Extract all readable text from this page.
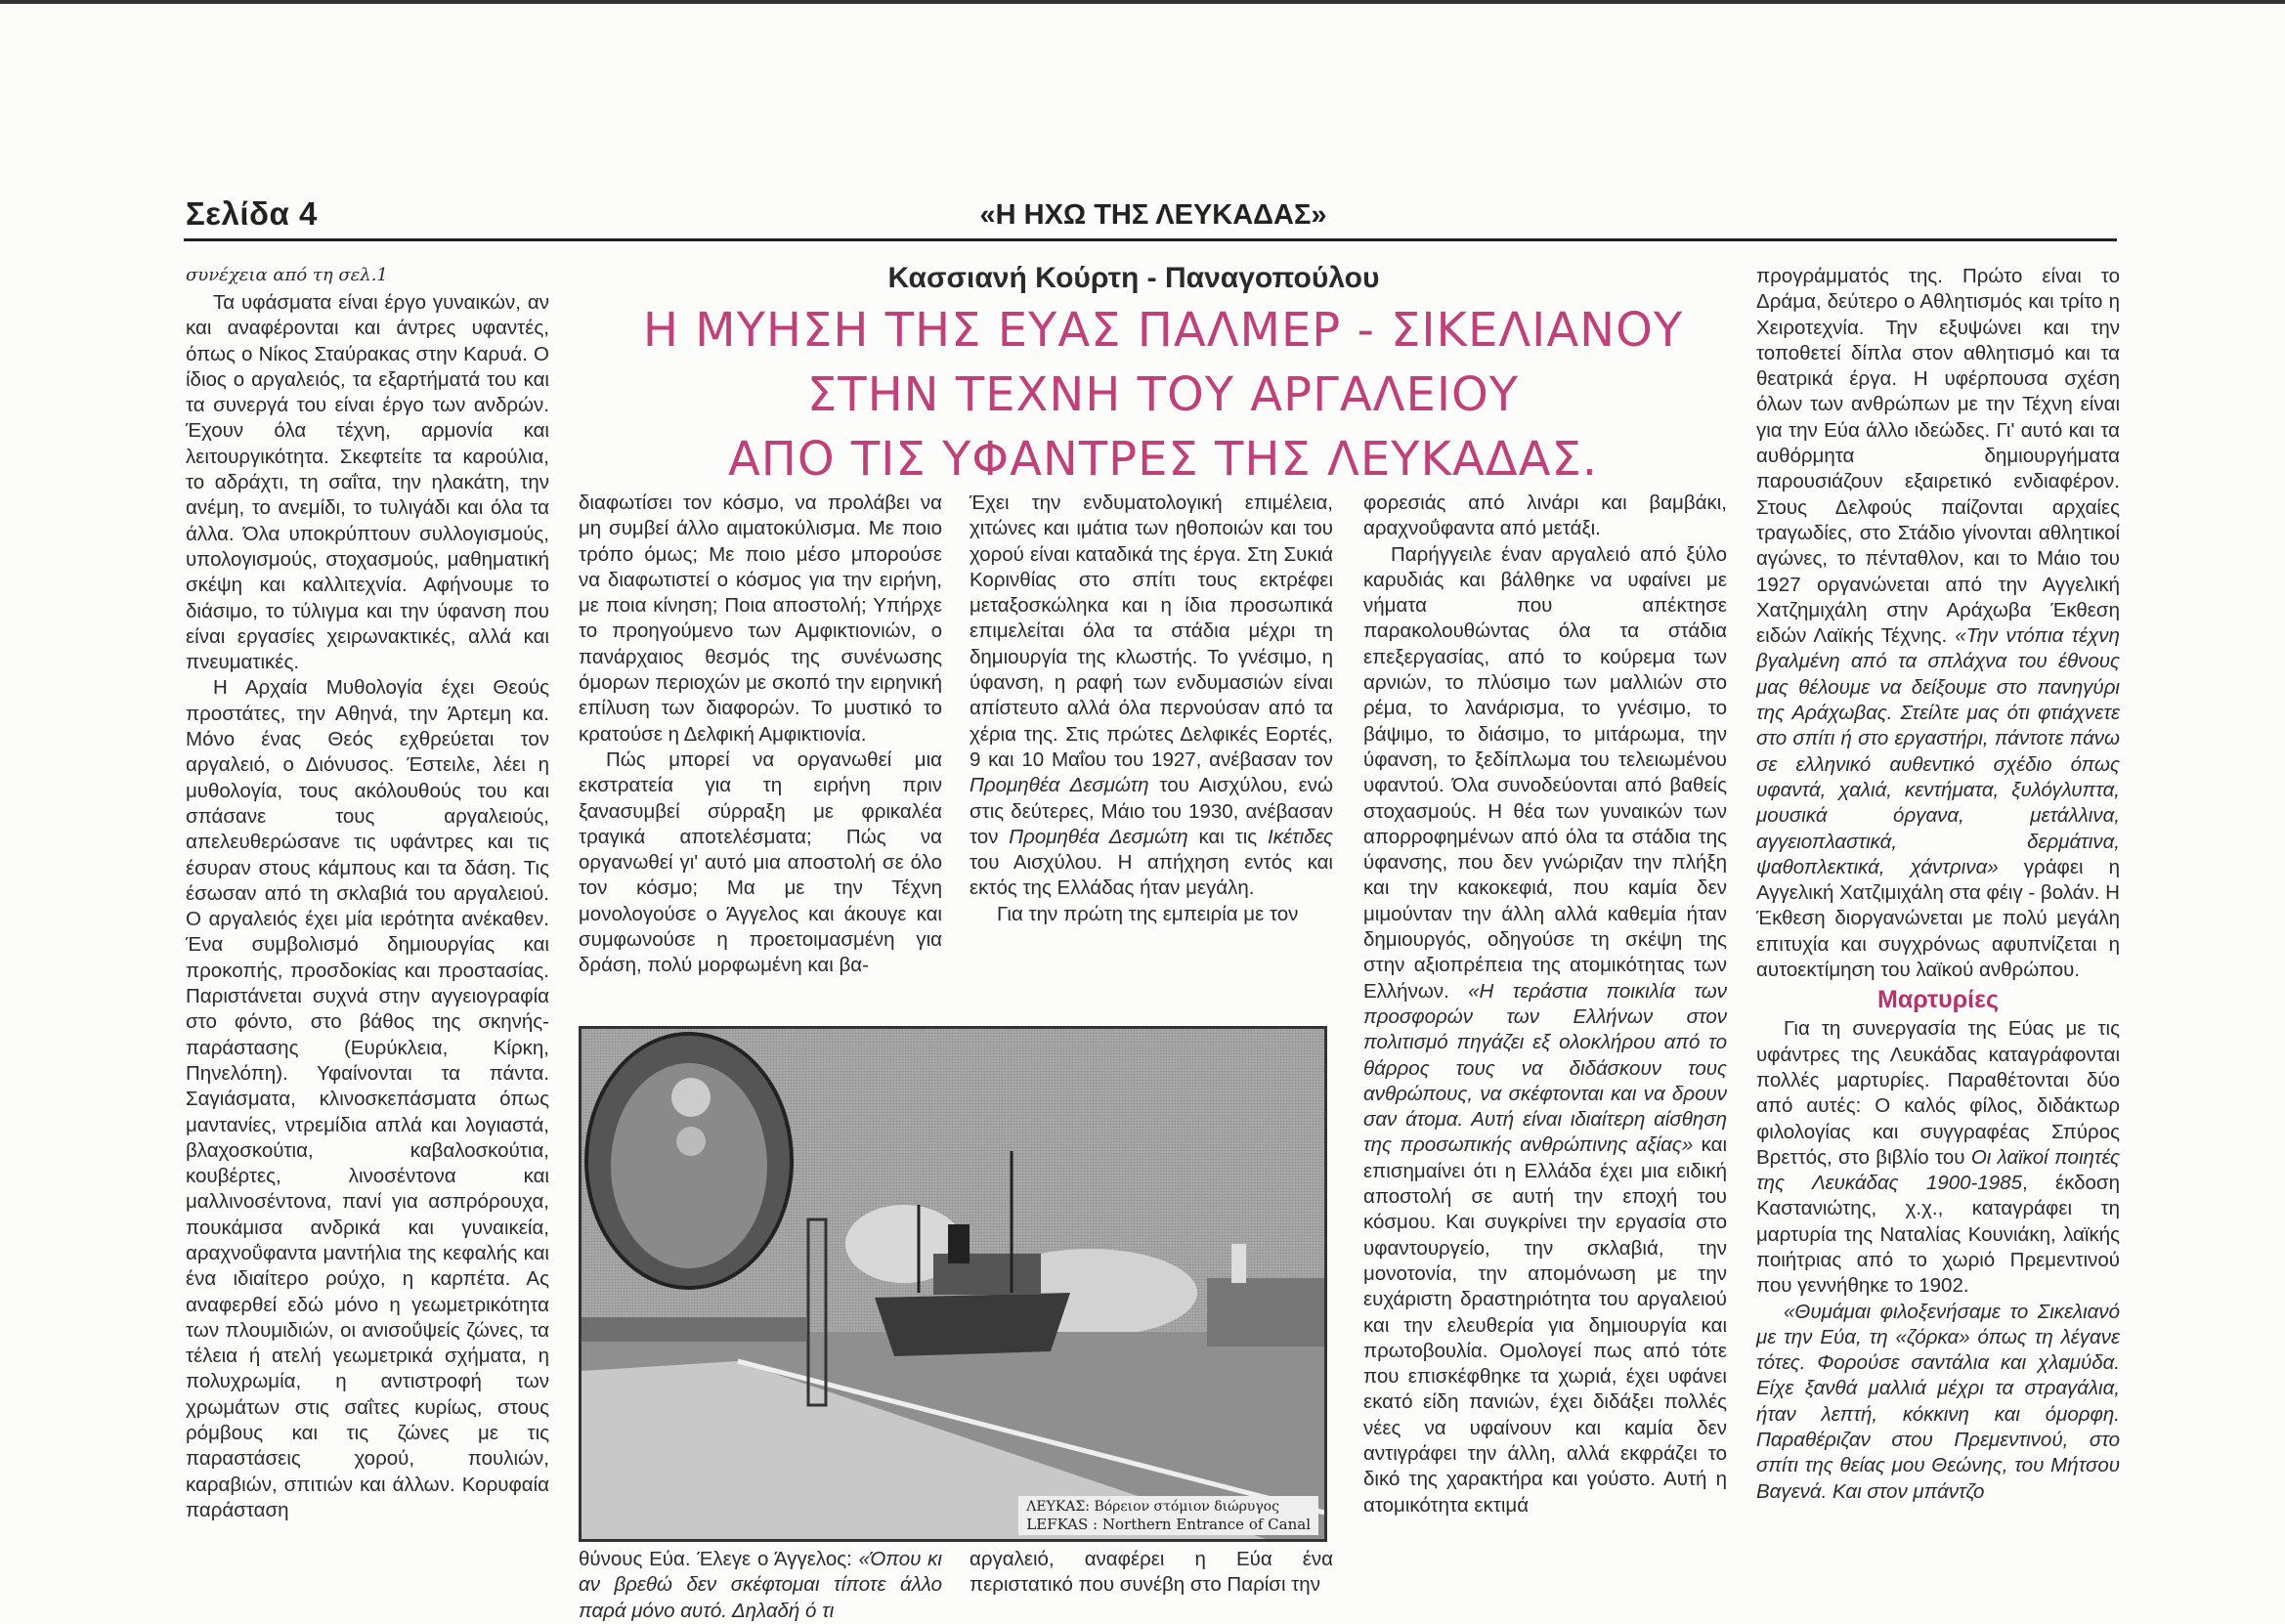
Σελίδα 4	«Η ΗΧΩ ΤΗΣ ΛΕΥΚΑΔΑΣ»
Κασσιανή Κούρτη - Παναγοπούλου
Η ΜΥΗΣΗ ΤΗΣ ΕΥΑΣ ΠΑΛΜΕΡ - ΣΙΚΕΛΙΑΝΟΥ
ΣΤΗΝ ΤΕΧΝΗ ΤΟΥ ΑΡΓΑΛΕΙΟΥ
ΑΠΟ ΤΙΣ ΥΦΑΝΤΡΕΣ ΤΗΣ ΛΕΥΚΑΔΑΣ.

συνέχεια από τη σελ.1

Τα υφάσματα είναι έργο γυναικών, αν και αναφέρονται και άντρες υφαντές, όπως ο Νίκος Σταύρακας στην Καρυά. Ο ίδιος ο αργαλειός, τα εξαρτήματά του και τα συνεργά του είναι έργο των ανδρών. Έχουν όλα τέχνη, αρμονία και λειτουργικότητα. Σκεφτείτε τα καρούλια, το αδράχτι, τη σαΐτα, την ηλακάτη, την ανέμη, το ανεμίδι, το τυλιγάδι και όλα τα άλλα. Όλα υποκρύπτουν συλλογισμούς, υπολογισμούς, στοχασμούς, μαθηματική σκέψη και καλλιτεχνία. Αφήνουμε το διάσιμο, το τύλιγμα και την ύφανση που είναι εργασίες χειρωνακτικές, αλλά και πνευματικές.

Η Αρχαία Μυθολογία έχει Θεούς προστάτες, την Αθηνά, την Άρτεμη κα. Μόνο ένας Θεός εχθρεύεται τον αργαλειό, ο Διόνυσος. Έστειλε, λέει η μυθολογία, τους ακόλουθούς του και σπάσανε τους αργαλειούς, απελευθερώσανε τις υφάντρες και τις έσυραν στους κάμπους και τα δάση. Τις έσωσαν από τη σκλαβιά του αργαλειού. Ο αργαλειός έχει μία ιερότητα ανέκαθεν. Ένα συμβολισμό δημιουργίας και προκοπής, προσδοκίας και προστασίας. Παριστάνεται συχνά στην αγγειογραφία στο φόντο, στο βάθος της σκηνής-παράστασης (Ευρύκλεια, Κίρκη, Πηνελόπη). Υφαίνονται τα πάντα. Σαγιάσματα, κλινοσκεπάσματα όπως μαντανίες, ντρεμίδια απλά και λογιαστά, βλαχοσκούτια, καβαλοσκούτια, κουβέρτες, λινοσέντονα και μαλλινοσέντονα, πανί για ασπρόρουχα, πουκάμισα ανδρικά και γυναικεία, αραχνοΰφαντα μαντήλια της κεφαλής και ένα ιδιαίτερο ρούχο, η καρπέτα. Ας αναφερθεί εδώ μόνο η γεωμετρικότητα των πλουμιδιών, οι ανισοΰψείς ζώνες, τα τέλεια ή ατελή γεωμετρικά σχήματα, η πολυχρωμία, η αντιστροφή των χρωμάτων στις σαΐτες κυρίως, στους ρόμβους και τις ζώνες με τις παραστάσεις χορού, πουλιών, καραβιών, σπιτιών και άλλων. Κορυφαία παράσταση

διαφωτίσει τον κόσμο, να προλάβει να μη συμβεί άλλο αιματοκύλισμα. Με ποιο τρόπο όμως; Με ποιο μέσο μπορούσε να διαφωτιστεί ο κόσμος για την ειρήνη, με ποια κίνηση; Ποια αποστολή; Υπήρχε το προηγούμενο των Αμφικτιονιών, ο πανάρχαιος θεσμός της συνένωσης όμορων περιοχών με σκοπό την ειρηνική επίλυση των διαφορών. Το μυστικό το κρατούσε η Δελφική Αμφικτιονία.

Πώς μπορεί να οργανωθεί μια εκστρατεία για τη ειρήνη πριν ξανασυμβεί σύρραξη με φρικαλέα τραγικά αποτελέσματα; Πώς να οργανωθεί γι' αυτό μια αποστολή σε όλο τον κόσμο; Μα με την Τέχνη μονολογούσε ο Άγγελος και άκουγε και συμφωνούσε η προετοιμασμένη για δράση, πολύ μορφωμένη και βα-

Έχει την ενδυματολογική επιμέλεια, χιτώνες και ιμάτια των ηθοποιών και του χορού είναι καταδικά της έργα. Στη Συκιά Κορινθίας στο σπίτι τους εκτρέφει μεταξοσκώληκα και η ίδια προσωπικά επιμελείται όλα τα στάδια μέχρι τη δημιουργία της κλωστής. Το γνέσιμο, η ύφανση, η ραφή των ενδυμασιών είναι απίστευτο αλλά όλα περνούσαν από τα χέρια της. Στις πρώτες Δελφικές Εορτές, 9 και 10 Μαΐου του 1927, ανέβασαν τον Προμηθέα Δεσμώτη του Αισχύλου, ενώ στις δεύτερες, Μάιο του 1930, ανέβασαν τον Προμηθέα Δεσμώτη και τις Ικέτιδες του Αισχύλου. Η απήχηση εντός και εκτός της Ελλάδας ήταν μεγάλη.

Για την πρώτη της εμπειρία με τον

φορεσιάς από λινάρι και βαμβάκι, αραχνοΰφαντα από μετάξι.

Παρήγγειλε έναν αργαλειό από ξύλο καρυδιάς και βάλθηκε να υφαίνει με νήματα που απέκτησε παρακολουθώντας όλα τα στάδια επεξεργασίας, από το κούρεμα των αρνιών, το πλύσιμο των μαλλιών στο ρέμα, το λανάρισμα, το γνέσιμο, το βάψιμο, το διάσιμο, το μιτάρωμα, την ύφανση, το ξεδίπλωμα του τελειωμένου υφαντού. Όλα συνοδεύονται από βαθείς στοχασμούς. Η θέα των γυναικών των απορροφημένων από όλα τα στάδια της ύφανσης, που δεν γνώριζαν την πλήξη και την κακοκεφιά, που καμία δεν μιμούνταν την άλλη αλλά καθεμία ήταν δημιουργός, οδηγούσε τη σκέψη της στην αξιοπρέπεια της ατομικότητας των Ελλήνων. «Η τεράστια ποικιλία των προσφορών των Ελλήνων στον πολιτισμό πηγάζει εξ ολοκλήρου από το θάρρος τους να διδάσκουν τους ανθρώπους, να σκέφτονται και να δρουν σαν άτομα. Αυτή είναι ιδιαίτερη αίσθηση της προσωπικής ανθρώπινης αξίας» και επισημαίνει ότι η Ελλάδα έχει μια ειδική αποστολή σε αυτή την εποχή του κόσμου. Και συγκρίνει την εργασία στο υφαντουργείο, την σκλαβιά, την μονοτονία, την απομόνωση με την ευχάριστη δραστηριότητα του αργαλειού και την ελευθερία για δημιουργία και πρωτοβουλία. Ομολογεί πως από τότε που επισκέφθηκε τα χωριά, έχει υφάνει εκατό είδη πανιών, έχει διδάξει πολλές νέες να υφαίνουν και καμία δεν αντιγράφει την άλλη, αλλά εκφράζει το δικό της χαρακτήρα και γούστο. Αυτή η ατομικότητα εκτιμά

προγράμματός της. Πρώτο είναι το Δράμα, δεύτερο ο Αθλητισμός και τρίτο η Χειροτεχνία. Την εξυψώνει και την τοποθετεί δίπλα στον αθλητισμό και τα θεατρικά έργα. Η υφέρπουσα σχέση όλων των ανθρώπων με την Τέχνη είναι για την Εύα άλλο ιδεώδες. Γι' αυτό και τα αυθόρμητα δημιουργήματα παρουσιάζουν εξαιρετικό ενδιαφέρον. Στους Δελφούς παίζονται αρχαίες τραγωδίες, στο Στάδιο γίνονται αθλητικοί αγώνες, το πένταθλον, και το Μάιο του 1927 οργανώνεται από την Αγγελική Χατζημιχάλη στην Αράχωβα Έκθεση ειδών Λαϊκής Τέχνης. «Την ντόπια τέχνη βγαλμένη από τα σπλάχνα του έθνους μας θέλουμε να δείξουμε στο πανηγύρι της Αράχωβας. Στείλτε μας ότι φτιάχνετε στο σπίτι ή στο εργαστήρι, πάντοτε πάνω σε ελληνικό αυθεντικό σχέδιο όπως υφαντά, χαλιά, κεντήματα, ξυλόγλυπτα, μουσικά όργανα, μετάλλινα, αγγειοπλαστικά, δερμάτινα, ψαθοπλεκτικά, χάντρινα» γράφει η Αγγελική Χατζιμιχάλη στα φέιγ - βολάν. Η Έκθεση διοργανώνεται με πολύ μεγάλη επιτυχία και συγχρόνως αφυπνίζεται η αυτοεκτίμηση του λαϊκού ανθρώπου.

Μαρτυρίες

Για τη συνεργασία της Εύας με τις υφάντρες της Λευκάδας καταγράφονται πολλές μαρτυρίες. Παραθέτονται δύο από αυτές: Ο καλός φίλος, διδάκτωρ φιλολογίας και συγγραφέας Σπύρος Βρεττός, στο βιβλίο του Οι λαϊκοί ποιητές της Λευκάδας 1900-1985, έκδοση Καστανιώτης, χ.χ., καταγράφει τη μαρτυρία της Ναταλίας Κουνιάκη, λαϊκής ποιήτριας από το χωριό Πρεμεντινού που γεννήθηκε το 1902.

«Θυμάμαι φιλοξενήσαμε το Σικελιανό με την Εύα, τη «ζόρκα» όπως τη λέγανε τότες. Φορούσε σαντάλια και χλαμύδα. Είχε ξανθά μαλλιά μέχρι τα στραγάλια, ήταν λεπτή, κόκκινη και όμορφη. Παραθέριζαν στου Πρεμεντινού, στο σπίτι της θείας μου Θεώνης, του Μήτσου Βαγενά. Και στον μπάντζο

θύνους Εύα. Έλεγε ο Άγγελος: «Όπου κι αν βρεθώ δεν σκέφτομαι τίποτε άλλο παρά μόνο αυτό. Δηλαδή ό τι

αργαλειό, αναφέρει η Εύα ένα περιστατικό που συνέβη στο Παρίσι την

ΛΕΥΚΑΣ: Βόρειον στόμιον διώρυγος
LEFKAS : Northern Entrance of Canal
